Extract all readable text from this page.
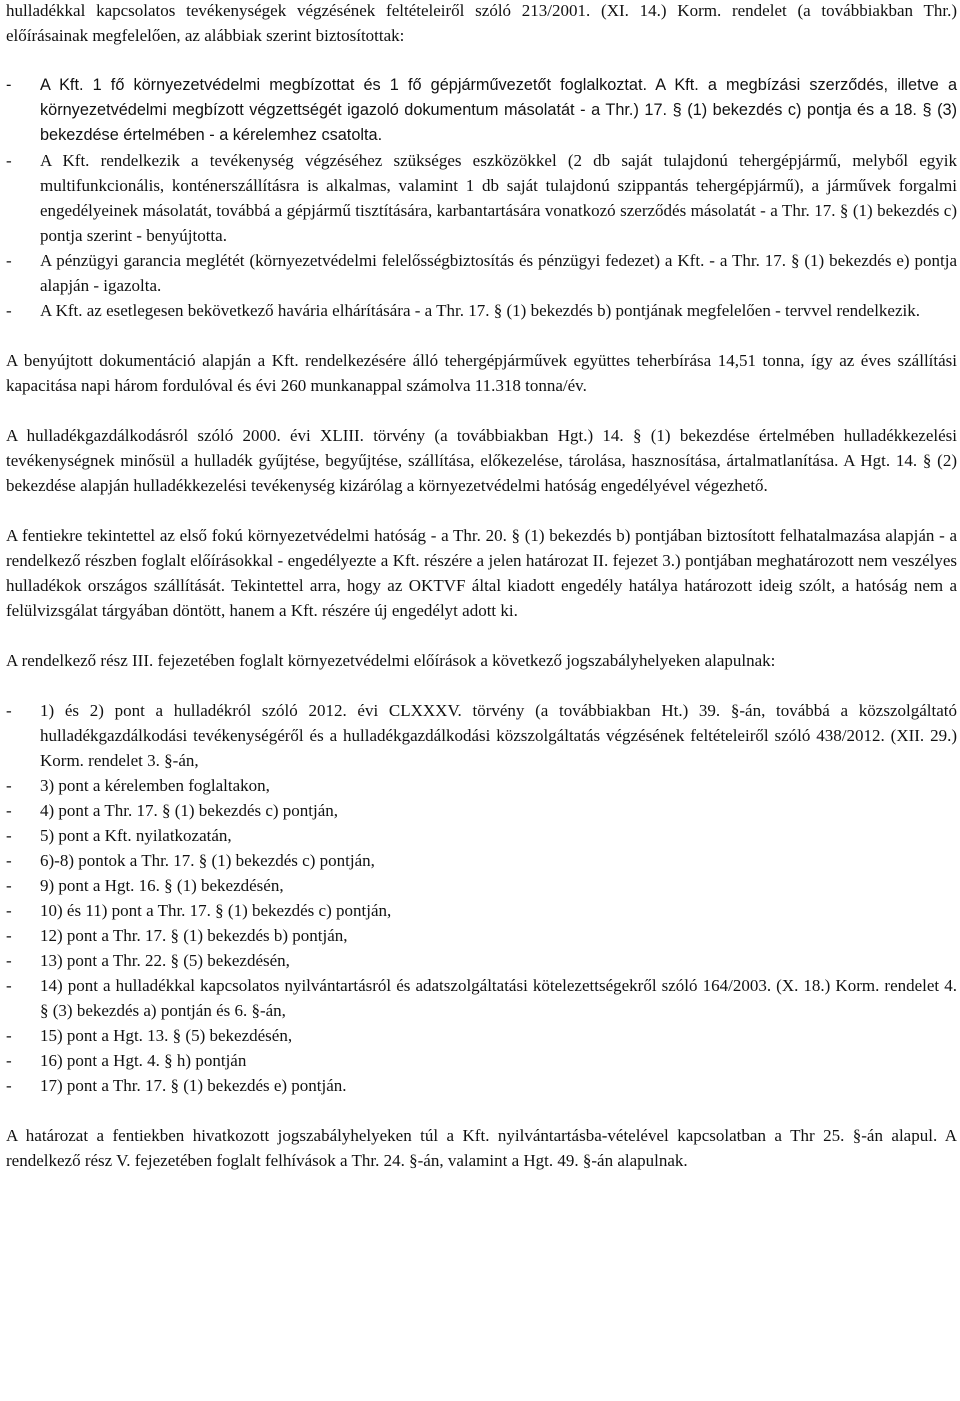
hulladékkal kapcsolatos tevékenységek végzésének feltételeiről szóló 213/2001. (XI. 14.) Korm. rendelet (a továbbiakban Thr.) előírásainak megfelelően, az alábbiak szerint biztosítottak:

-	A Kft. 1 fő környezetvédelmi megbízottat és 1 fő gépjárművezetőt foglalkoztat. A Kft. a megbízási szerződés, illetve a környezetvédelmi megbízott végzettségét igazoló dokumentum másolatát - a Thr.) 17. § (1) bekezdés c) pontja és a 18. § (3) bekezdése értelmében - a kérelemhez csatolta.
-	A Kft. rendelkezik a tevékenység végzéséhez szükséges eszközökkel (2 db saját tulajdonú tehergépjármű, melyből egyik multifunkcionális, konténerszállításra is alkalmas, valamint 1 db saját tulajdonú szippantás tehergépjármű), a járművek forgalmi engedélyeinek másolatát, továbbá a gépjármű tisztítására, karbantartására vonatkozó szerződés másolatát - a Thr. 17. § (1) bekezdés c) pontja szerint - benyújtotta.
-	A pénzügyi garancia meglétét (környezetvédelmi felelősségbiztosítás és pénzügyi fedezet) a Kft. - a Thr. 17. § (1) bekezdés e) pontja alapján - igazolta.
-	A Kft. az esetlegesen bekövetkező havária elhárítására - a Thr. 17. § (1) bekezdés b) pontjának megfelelően - tervvel rendelkezik.

A benyújtott dokumentáció alapján a Kft. rendelkezésére álló tehergépjárművek együttes teherbírása 14,51 tonna, így az éves szállítási kapacitása napi három fordulóval és évi 260 munkanappal számolva 11.318 tonna/év.

A hulladékgazdálkodásról szóló 2000. évi XLIII. törvény (a továbbiakban Hgt.) 14. § (1) bekezdése értelmében hulladékkezelési tevékenységnek minősül a hulladék gyűjtése, begyűjtése, szállítása, előkezelése, tárolása, hasznosítása, ártalmatlanítása. A Hgt. 14. § (2) bekezdése alapján hulladékkezelési tevékenység kizárólag a környezetvédelmi hatóság engedélyével végezhető.

A fentiekre tekintettel az első fokú környezetvédelmi hatóság - a Thr. 20. § (1) bekezdés b) pontjában biztosított felhatalmazása alapján - a rendelkező részben foglalt előírásokkal - engedélyezte a Kft. részére a jelen határozat II. fejezet 3.) pontjában meghatározott nem veszélyes hulladékok országos szállítását. Tekintettel arra, hogy az OKTVF által kiadott engedély hatálya határozott ideig szólt, a hatóság nem a felülvizsgálat tárgyában döntött, hanem a Kft. részére új engedélyt adott ki.

A rendelkező rész III. fejezetében foglalt környezetvédelmi előírások a következő jogszabályhelyeken alapulnak:

-	1) és 2) pont a hulladékról szóló 2012. évi CLXXXV. törvény (a továbbiakban Ht.) 39. §-án, továbbá a közszolgáltató hulladékgazdálkodási tevékenységéről és a hulladékgazdálkodási közszolgáltatás végzésének feltételeiről szóló 438/2012. (XII. 29.) Korm. rendelet 3. §-án,
-	3) pont a kérelemben foglaltakon,
-	4) pont a Thr. 17. § (1) bekezdés c) pontján,
-	5) pont a Kft. nyilatkozatán,
-	6)-8) pontok a Thr. 17. § (1) bekezdés c) pontján,
-	9) pont a Hgt. 16. § (1) bekezdésén,
-	10) és 11) pont a Thr. 17. § (1) bekezdés c) pontján,
-	12) pont a Thr. 17. § (1) bekezdés b) pontján,
-	13) pont a Thr. 22. § (5) bekezdésén,
-	14) pont a hulladékkal kapcsolatos nyilvántartásról és adatszolgáltatási kötelezettségekről szóló 164/2003. (X. 18.) Korm. rendelet 4. § (3) bekezdés a) pontján és 6. §-án,
-	15) pont a Hgt. 13. § (5) bekezdésén,
-	16) pont a Hgt. 4. § h) pontján
-	17) pont a Thr. 17. § (1) bekezdés e) pontján.

A határozat a fentiekben hivatkozott jogszabályhelyeken túl a Kft. nyilvántartásba-vételével kapcsolatban a Thr 25. §-án alapul. A rendelkező rész V. fejezetében foglalt felhívások a Thr. 24. §-án, valamint a Hgt. 49. §-án alapulnak.
